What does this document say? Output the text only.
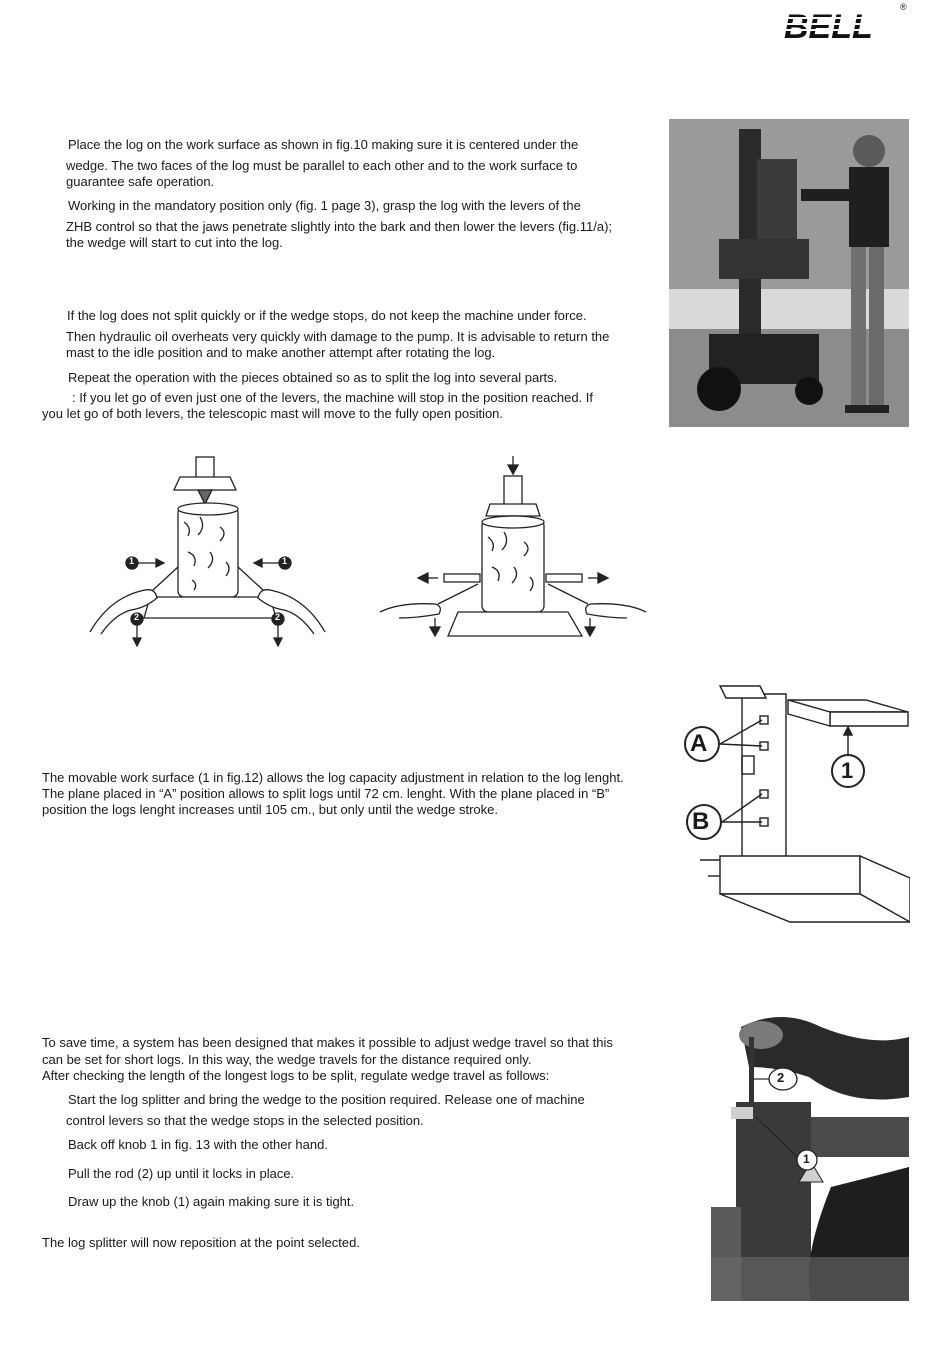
BELL
®
Place the log on the work surface as shown in fig.10 making sure it is centered under the
wedge. The two faces of the log must be parallel to each other and to the work surface to
guarantee safe operation.
Working in the mandatory position only (fig. 1 page 3), grasp the log with the levers of the
ZHB control so that the jaws penetrate slightly into the bark and then lower the levers (fig.11/a);
the wedge will start to cut into the log.
If the log does not split quickly or if the wedge stops, do not keep the machine under force.
Then hydraulic oil overheats very quickly with damage to the pump. It is advisable to return the
mast to the idle position and to make another attempt after rotating the log.
Repeat the operation with the pieces obtained so as to split the log into several parts.
: If you let go of even just one of the levers, the machine will stop in the position reached. If
you let go of both levers, the telescopic mast will move to the fully open position.
1	1
2	2
The movable work surface (1 in fig.12) allows the log capacity adjustment in relation to the log lenght.
The plane placed in “A” position allows to split logs until 72 cm. lenght. With the plane placed in “B”
position the logs lenght increases until 105 cm., but only until the wedge stroke.
A
B
1
To save time, a system has been designed that makes it possible to adjust wedge travel so that this
can be set for short logs. In this way, the wedge travels for the distance required only.
After checking the length of the longest logs to be split, regulate wedge travel as follows:
Start the log splitter and bring the wedge to the position required. Release one of machine
control levers so that the wedge stops in the selected position.
Back off knob 1 in fig. 13 with the other hand.
Pull the rod (2) up until it locks in place.
Draw up the knob (1) again making sure it is tight.
The log splitter will now reposition at the point selected.
2
1
